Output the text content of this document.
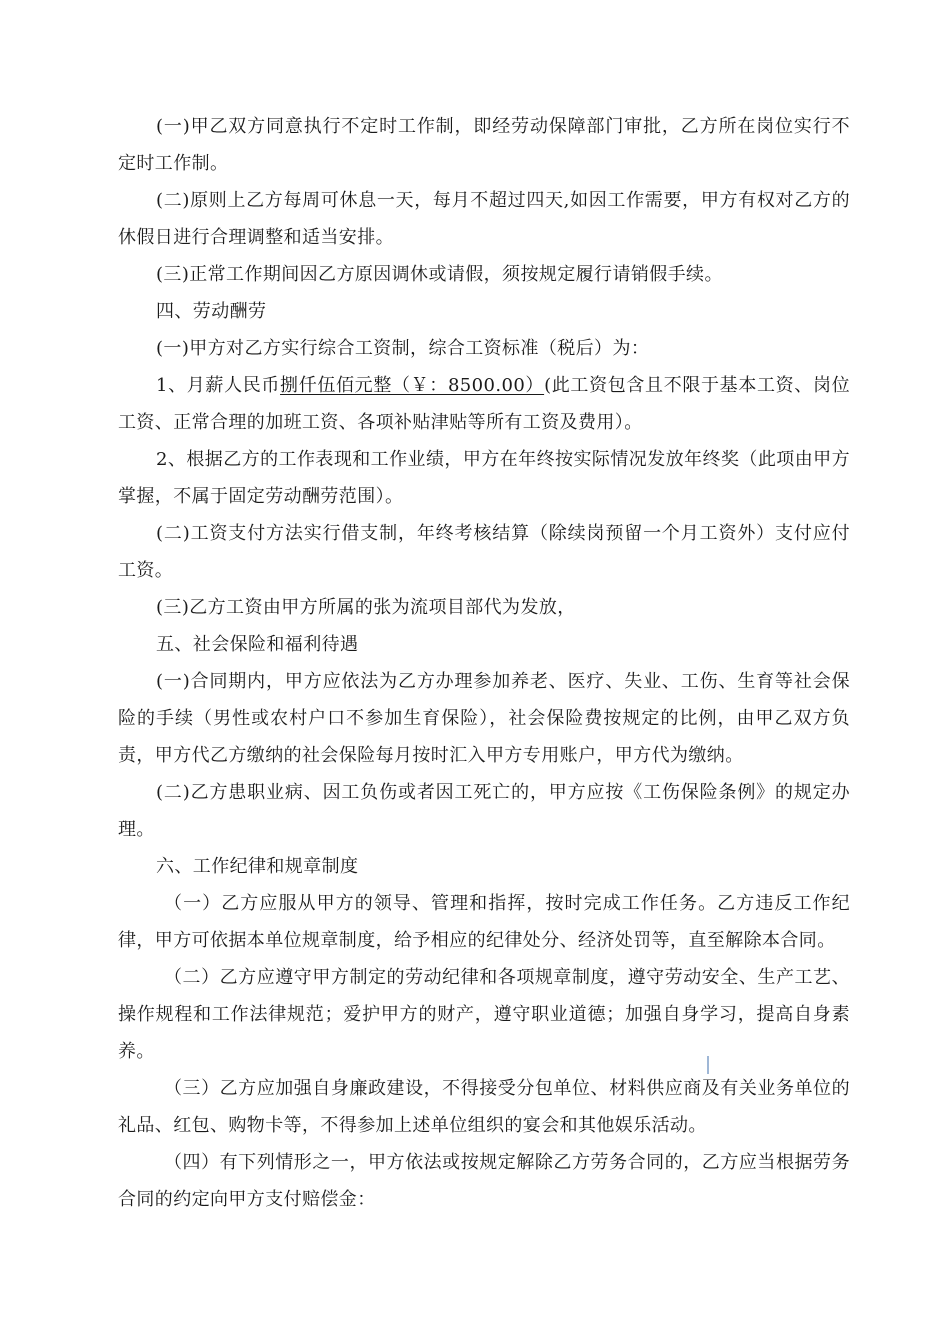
(一)甲乙双方同意执行不定时工作制，即经劳动保障部门审批，乙方所在岗位实行不定时工作制。

(二)原则上乙方每周可休息一天，每月不超过四天,如因工作需要，甲方有权对乙方的休假日进行合理调整和适当安排。

(三)正常工作期间因乙方原因调休或请假，须按规定履行请销假手续。

四、劳动酬劳

(一)甲方对乙方实行综合工资制，综合工资标准（税后）为：

1、月薪人民币捌仟伍佰元整（￥：8500.00）(此工资包含且不限于基本工资、岗位工资、正常合理的加班工资、各项补贴津贴等所有工资及费用）。

2、根据乙方的工作表现和工作业绩，甲方在年终按实际情况发放年终奖（此项由甲方掌握，不属于固定劳动酬劳范围）。

(二)工资支付方法实行借支制，年终考核结算（除续岗预留一个月工资外）支付应付工资。

(三)乙方工资由甲方所属的张为流项目部代为发放，

五、社会保险和福利待遇

(一)合同期内，甲方应依法为乙方办理参加养老、医疗、失业、工伤、生育等社会保险的手续（男性或农村户口不参加生育保险），社会保险费按规定的比例，由甲乙双方负责，甲方代乙方缴纳的社会保险每月按时汇入甲方专用账户，甲方代为缴纳。

(二)乙方患职业病、因工负伤或者因工死亡的，甲方应按《工伤保险条例》的规定办理。

六、工作纪律和规章制度

（一）乙方应服从甲方的领导、管理和指挥，按时完成工作任务。乙方违反工作纪律，甲方可依据本单位规章制度，给予相应的纪律处分、经济处罚等，直至解除本合同。

（二）乙方应遵守甲方制定的劳动纪律和各项规章制度，遵守劳动安全、生产工艺、操作规程和工作法律规范；爱护甲方的财产，遵守职业道德；加强自身学习，提高自身素养。

（三）乙方应加强自身廉政建设，不得接受分包单位、材料供应商及有关业务单位的礼品、红包、购物卡等，不得参加上述单位组织的宴会和其他娱乐活动。

（四）有下列情形之一，甲方依法或按规定解除乙方劳务合同的，乙方应当根据劳务合同的约定向甲方支付赔偿金：
